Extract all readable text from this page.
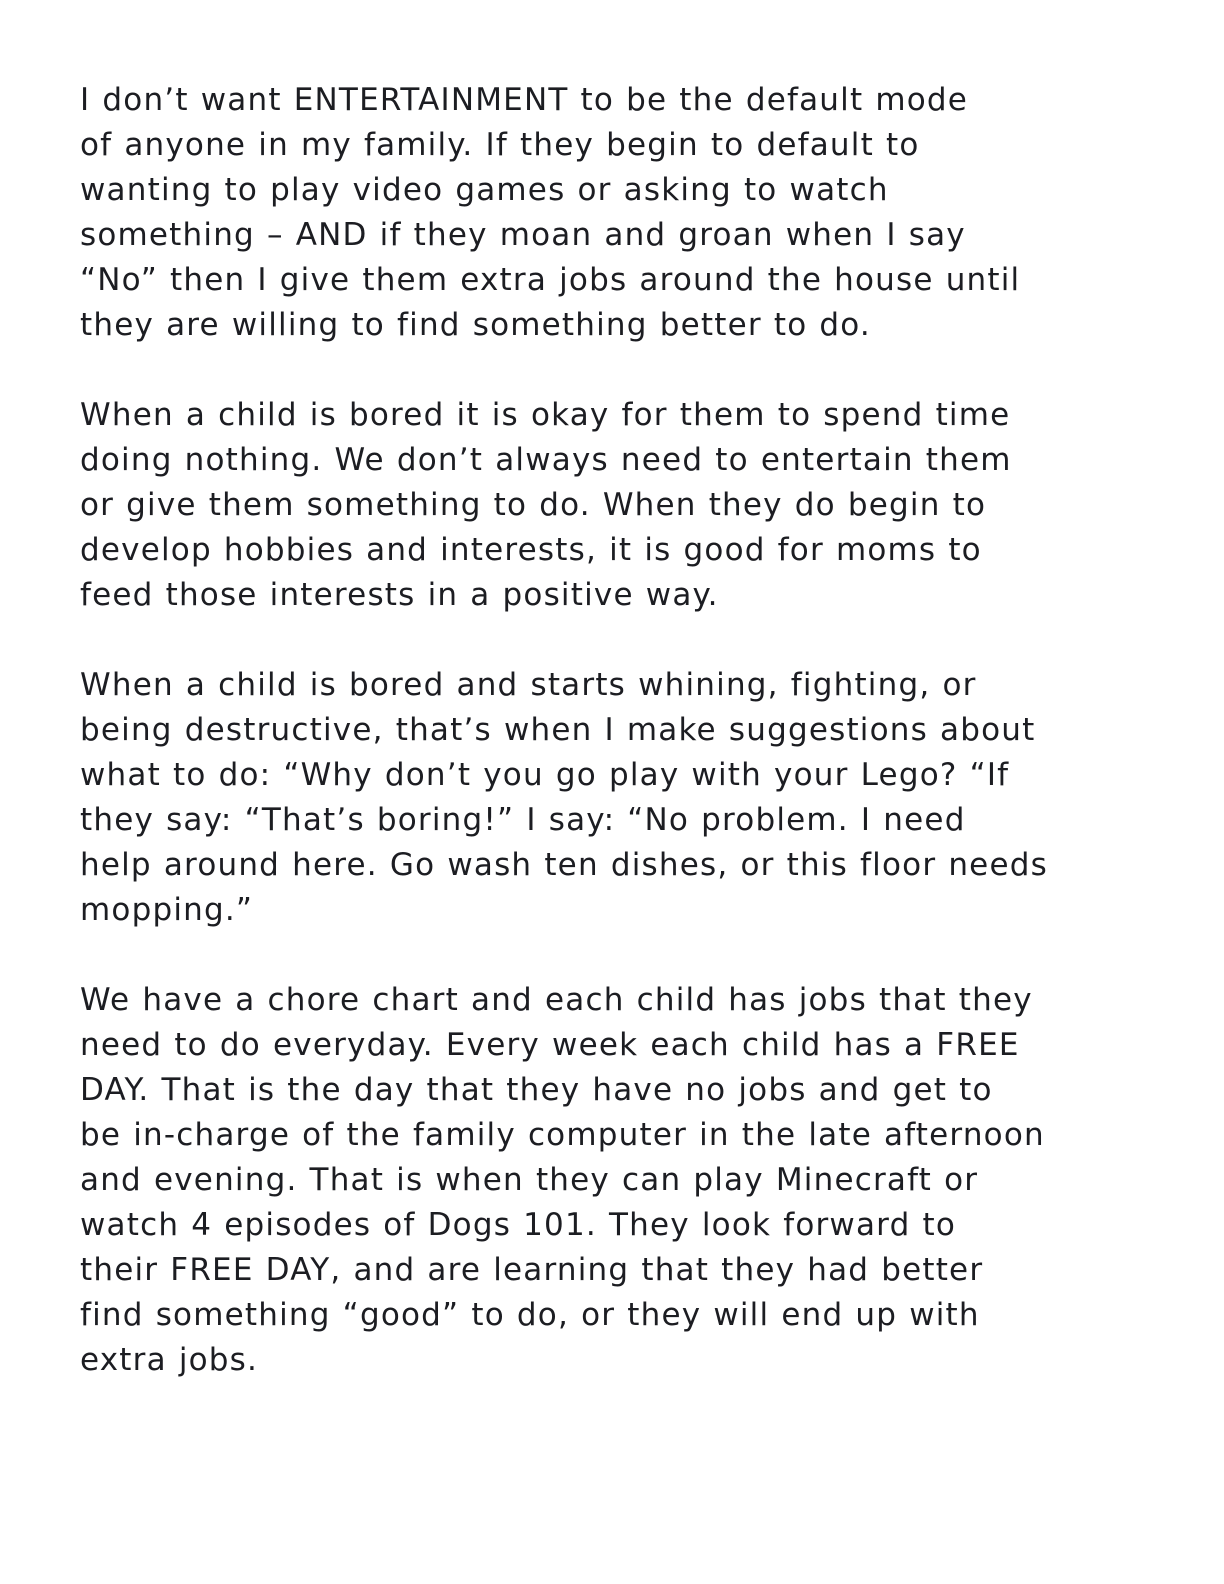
I don’t want ENTERTAINMENT to be the default mode
of anyone in my family. If they begin to default to
wanting to play video games or asking to watch
something – AND if they moan and groan when I say
“No” then I give them extra jobs around the house until
they are willing to find something better to do.

When a child is bored it is okay for them to spend time
doing nothing. We don’t always need to entertain them
or give them something to do. When they do begin to
develop hobbies and interests, it is good for moms to
feed those interests in a positive way.

When a child is bored and starts whining, fighting, or
being destructive, that’s when I make suggestions about
what to do: “Why don’t you go play with your Lego? “If
they say: “That’s boring!” I say: “No problem. I need
help around here. Go wash ten dishes, or this floor needs
mopping.”

We have a chore chart and each child has jobs that they
need to do everyday. Every week each child has a FREE
DAY. That is the day that they have no jobs and get to
be in-charge of the family computer in the late afternoon
and evening. That is when they can play Minecraft or
watch 4 episodes of Dogs 101. They look forward to
their FREE DAY, and are learning that they had better
find something “good” to do, or they will end up with
extra jobs.
